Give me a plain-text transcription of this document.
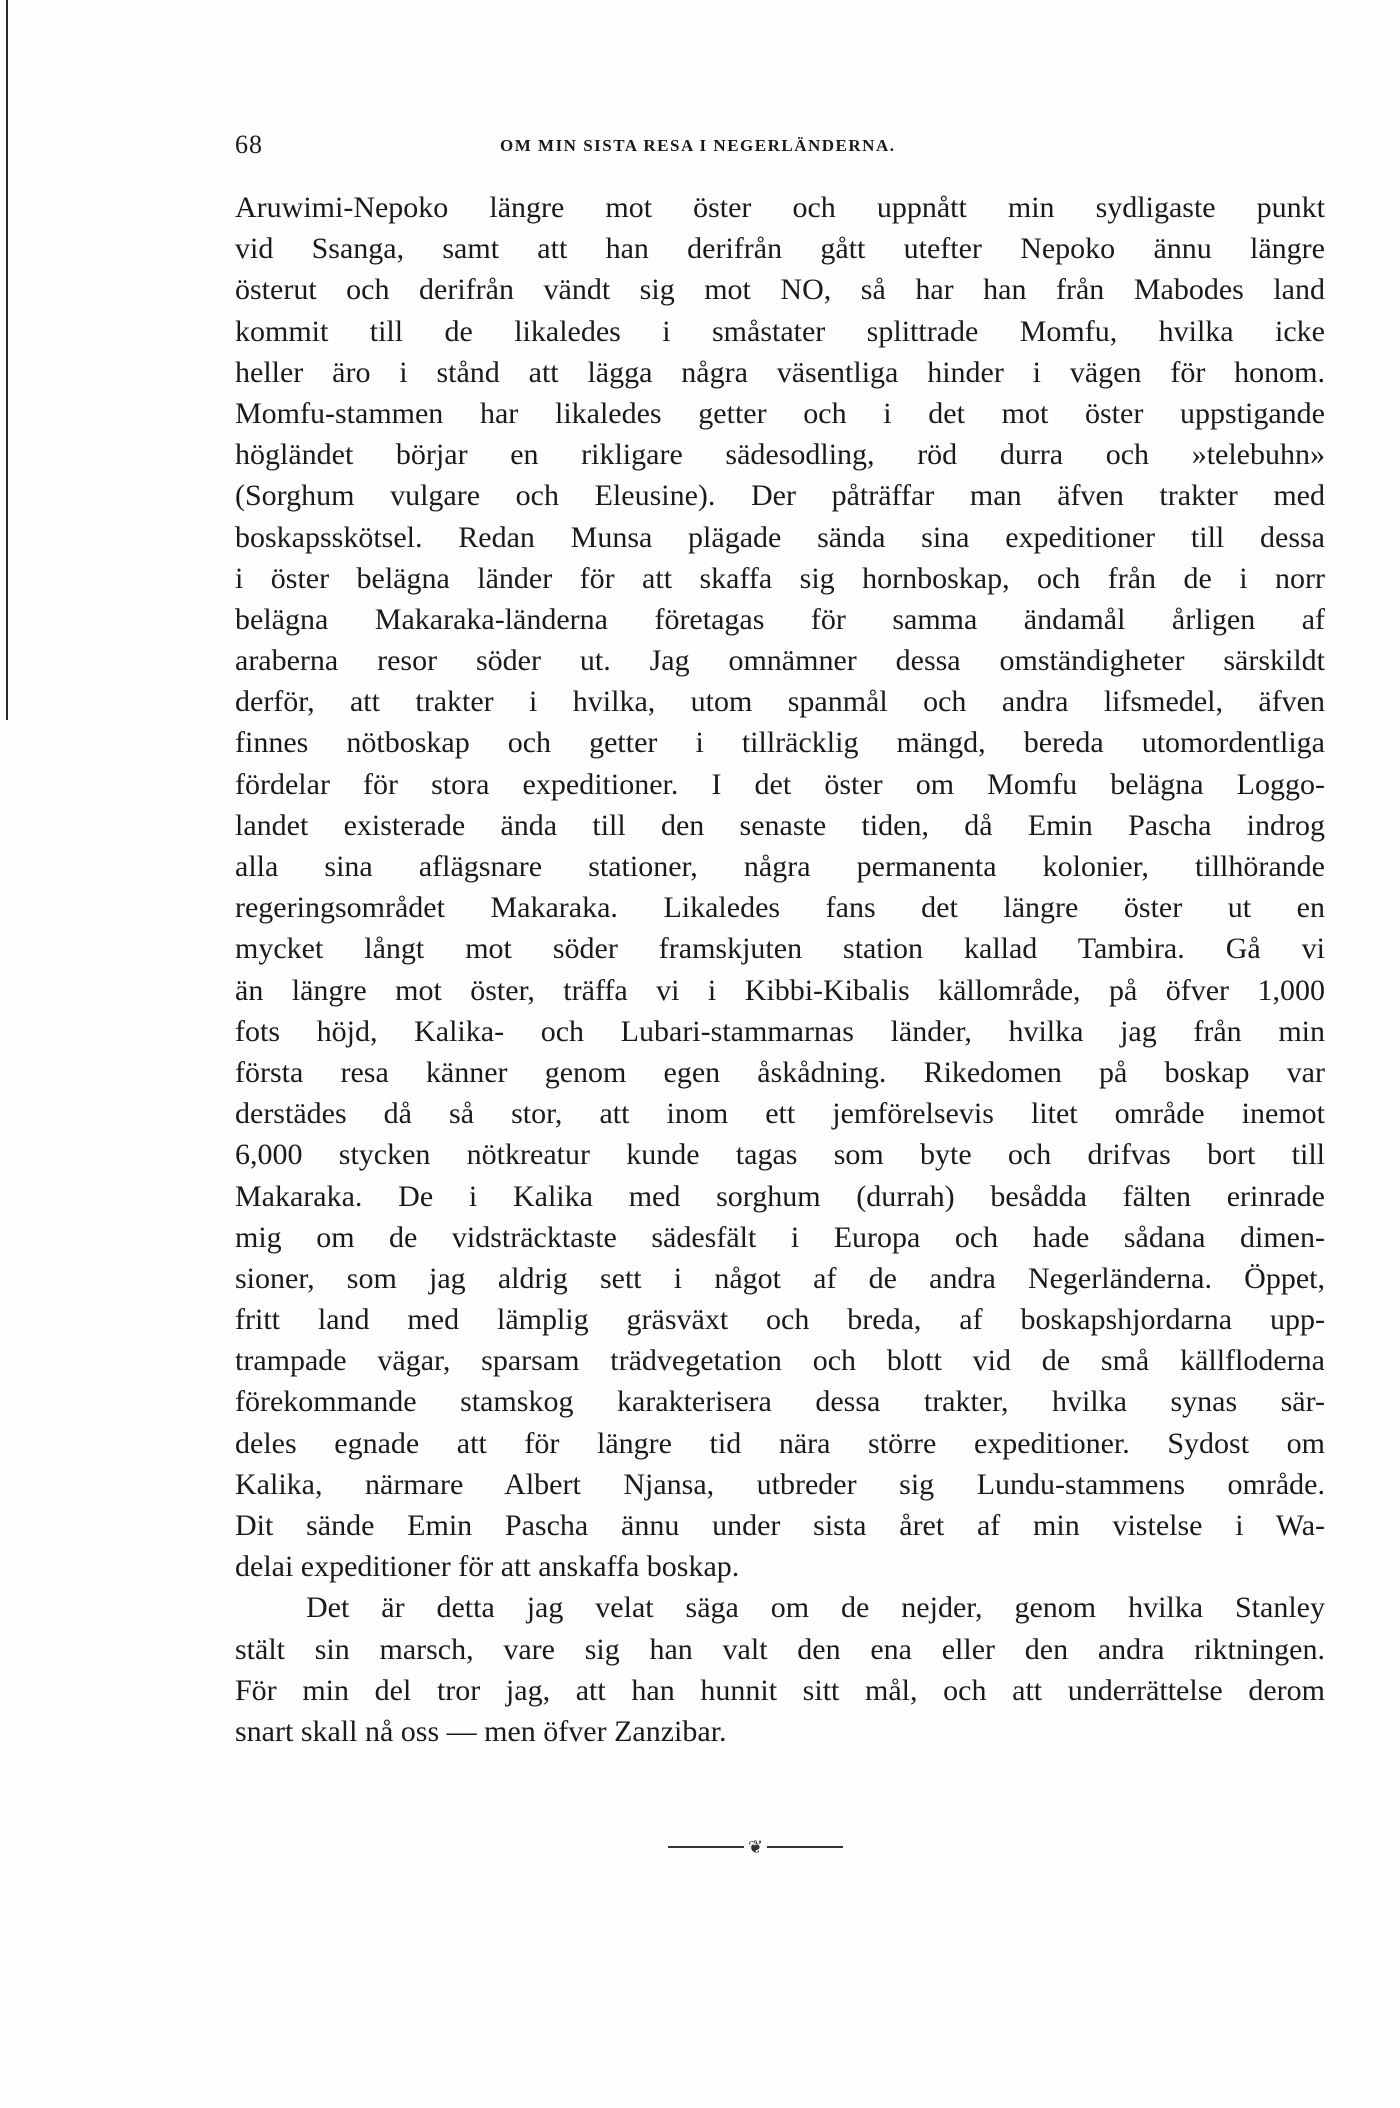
68	OM MIN SISTA RESA I NEGERLÄNDERNA.
Aruwimi-Nepoko längre mot öster och uppnått min sydligaste punkt
vid Ssanga, samt att han derifrån gått utefter Nepoko ännu längre
österut och derifrån vändt sig mot NO, så har han från Mabodes land
kommit till de likaledes i småstater splittrade Momfu, hvilka icke
heller äro i stånd att lägga några väsentliga hinder i vägen för honom.
Momfu-stammen har likaledes getter och i det mot öster uppstigande
högländet börjar en rikligare sädesodling, röd durra och »telebuhn»
(Sorghum vulgare och Eleusine). Der påträffar man äfven trakter med
boskapsskötsel. Redan Munsa plägade sända sina expeditioner till dessa
i öster belägna länder för att skaffa sig hornboskap, och från de i norr
belägna Makaraka-länderna företagas för samma ändamål årligen af
araberna resor söder ut. Jag omnämner dessa omständigheter särskildt
derför, att trakter i hvilka, utom spanmål och andra lifsmedel, äfven
finnes nötboskap och getter i tillräcklig mängd, bereda utomordentliga
fördelar för stora expeditioner. I det öster om Momfu belägna Loggo-
landet existerade ända till den senaste tiden, då Emin Pascha indrog
alla sina aflägsnare stationer, några permanenta kolonier, tillhörande
regeringsområdet Makaraka. Likaledes fans det längre öster ut en
mycket långt mot söder framskjuten station kallad Tambira. Gå vi
än längre mot öster, träffa vi i Kibbi-Kibalis källområde, på öfver 1,000
fots höjd, Kalika- och Lubari-stammarnas länder, hvilka jag från min
första resa känner genom egen åskådning. Rikedomen på boskap var
derstädes då så stor, att inom ett jemförelsevis litet område inemot
6,000 stycken nötkreatur kunde tagas som byte och drifvas bort till
Makaraka. De i Kalika med sorghum (durrah) besådda fälten erinrade
mig om de vidsträcktaste sädesfält i Europa och hade sådana dimen-
sioner, som jag aldrig sett i något af de andra Negerländerna. Öppet,
fritt land med lämplig gräsväxt och breda, af boskapshjordarna upp-
trampade vägar, sparsam trädvegetation och blott vid de små källfloderna
förekommande stamskog karakterisera dessa trakter, hvilka synas sär-
deles egnade att för längre tid nära större expeditioner. Sydost om
Kalika, närmare Albert Njansa, utbreder sig Lundu-stammens område.
Dit sände Emin Pascha ännu under sista året af min vistelse i Wa-
delai expeditioner för att anskaffa boskap.
Det är detta jag velat säga om de nejder, genom hvilka Stanley
stält sin marsch, vare sig han valt den ena eller den andra riktningen.
För min del tror jag, att han hunnit sitt mål, och att underrättelse derom
snart skall nå oss — men öfver Zanzibar.
❦
